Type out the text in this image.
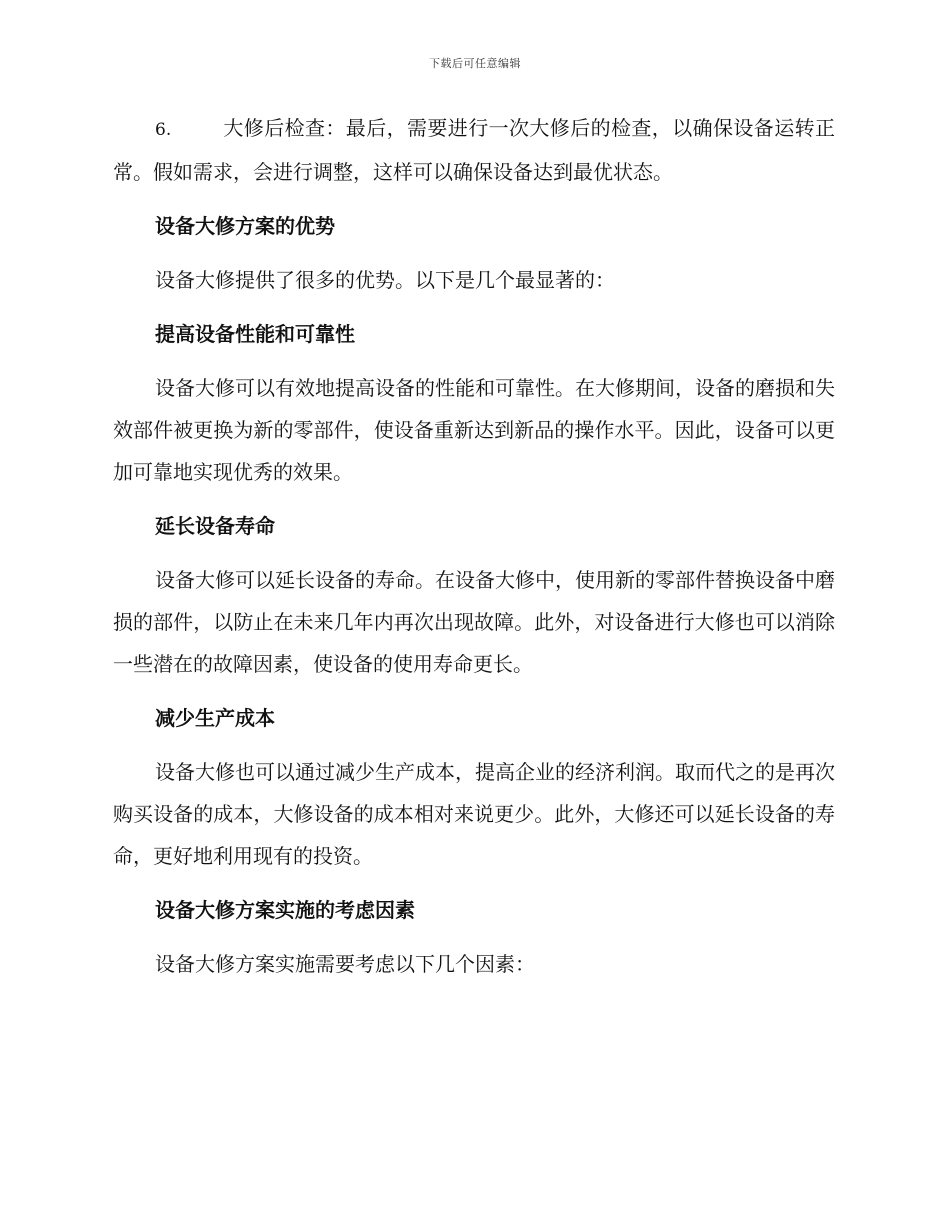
下载后可任意编辑

6.	大修后检查：最后，需要进行一次大修后的检查，以确保设备运转正常。假如需求，会进行调整，这样可以确保设备达到最优状态。

设备大修方案的优势

设备大修提供了很多的优势。以下是几个最显著的：

提高设备性能和可靠性

设备大修可以有效地提高设备的性能和可靠性。在大修期间，设备的磨损和失效部件被更换为新的零部件，使设备重新达到新品的操作水平。因此，设备可以更加可靠地实现优秀的效果。

延长设备寿命

设备大修可以延长设备的寿命。在设备大修中，使用新的零部件替换设备中磨损的部件，以防止在未来几年内再次出现故障。此外，对设备进行大修也可以消除一些潜在的故障因素，使设备的使用寿命更长。

减少生产成本

设备大修也可以通过减少生产成本，提高企业的经济利润。取而代之的是再次购买设备的成本，大修设备的成本相对来说更少。此外，大修还可以延长设备的寿命，更好地利用现有的投资。

设备大修方案实施的考虑因素

设备大修方案实施需要考虑以下几个因素：
